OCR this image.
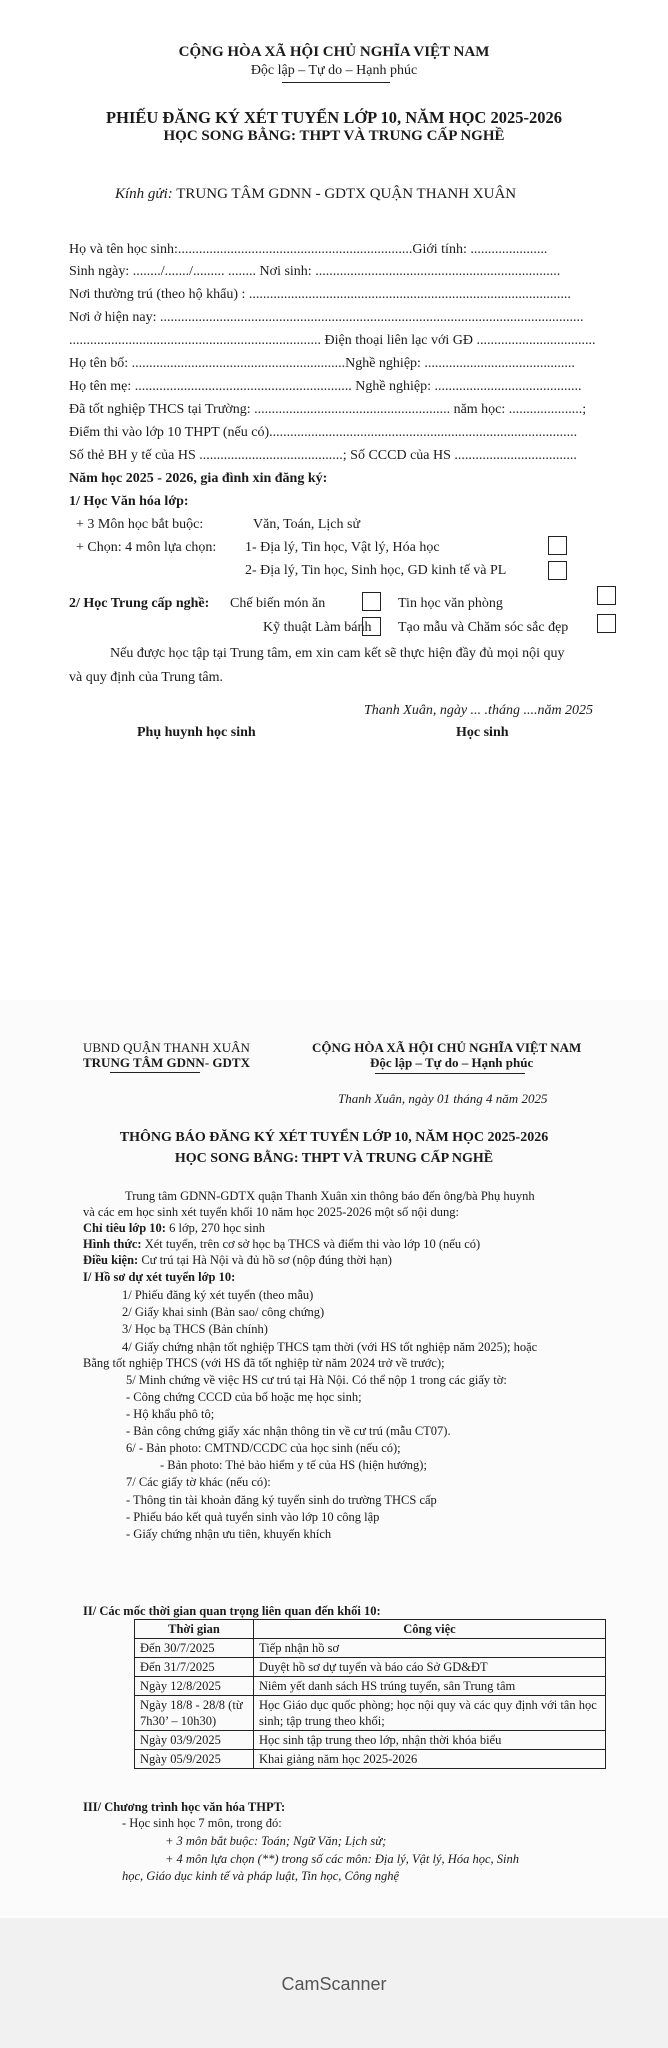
CỘNG HÒA XÃ HỘI CHỦ NGHĨA VIỆT NAM
Độc lập – Tự do – Hạnh phúc
PHIẾU ĐĂNG KÝ XÉT TUYỂN LỚP 10, NĂM HỌC 2025-2026
HỌC SONG BẰNG: THPT VÀ TRUNG CẤP NGHỀ
Kính gửi: TRUNG TÂM GDNN - GDTX QUẬN THANH XUÂN
Họ và tên học sinh:...................................................................Giới tính: ......................
Sinh ngày: ......../......./......... ........ Nơi sinh: ......................................................................
Nơi thường trú (theo hộ khẩu) : ............................................................................................
Nơi ở hiện nay: .........................................................................................................................
........................................................................ Điện thoại liên lạc với GĐ ..................................
Họ tên bố: .............................................................Nghề nghiệp: ...........................................
Họ tên mẹ: .............................................................. Nghề nghiệp: ..........................................
Đã tốt nghiệp THCS tại Trường: ........................................................ năm học: .....................;
Điểm thi vào lớp 10 THPT (nếu có)........................................................................................
Số thẻ BH y tế của HS .........................................; Số CCCD của HS ...................................
Năm học 2025 - 2026, gia đình xin đăng ký:
1/ Học Văn hóa lớp:
+ 3 Môn học bắt buộc:	Văn, Toán, Lịch sử
+ Chọn: 4 môn lựa chọn: 1- Địa lý, Tin học, Vật lý, Hóa học
2- Địa lý, Tin học, Sinh học, GD kinh tế và PL
2/ Học Trung cấp nghề: Chế biến món ăn	Tin học văn phòng
Kỹ thuật Làm bánh Tạo mẫu và Chăm sóc sắc đẹp
Nếu được học tập tại Trung tâm, em xin cam kết sẽ thực hiện đầy đủ mọi nội quy
và quy định của Trung tâm.
Thanh Xuân, ngày ... .tháng ....năm 2025
Phụ huynh học sinh	Học sinh
UBND QUẬN THANH XUÂN
TRUNG TÂM GDNN- GDTX
CỘNG HÒA XÃ HỘI CHỦ NGHĨA VIỆT NAM
Độc lập – Tự do – Hạnh phúc
Thanh Xuân, ngày 01 tháng 4 năm 2025
THÔNG BÁO ĐĂNG KÝ XÉT TUYỂN LỚP 10, NĂM HỌC 2025-2026
HỌC SONG BẰNG: THPT VÀ TRUNG CẤP NGHỀ
Trung tâm GDNN-GDTX quận Thanh Xuân xin thông báo đến ông/bà Phụ huynh
và các em học sinh xét tuyển khối 10 năm học 2025-2026 một số nội dung:
Chỉ tiêu lớp 10: 6 lớp, 270 học sinh
Hình thức: Xét tuyển, trên cơ sở học bạ THCS và điểm thi vào lớp 10 (nếu có)
Điều kiện: Cư trú tại Hà Nội và đủ hồ sơ (nộp đúng thời hạn)
I/ Hồ sơ dự xét tuyển lớp 10:
1/ Phiếu đăng ký xét tuyển (theo mẫu)
2/ Giấy khai sinh (Bản sao/ công chứng)
3/ Học bạ THCS (Bản chính)
4/ Giấy chứng nhận tốt nghiệp THCS tạm thời (với HS tốt nghiệp năm 2025); hoặc
Bằng tốt nghiệp THCS (với HS đã tốt nghiệp từ năm 2024 trở về trước);
5/ Minh chứng về việc HS cư trú tại Hà Nội. Có thể nộp 1 trong các giấy tờ:
- Công chứng CCCD của bố hoặc mẹ học sinh;
- Hộ khẩu phô tô;
- Bản công chứng giấy xác nhận thông tin về cư trú (mẫu CT07).
6/ - Bản photo: CMTND/CCDC của học sinh (nếu có);
- Bản photo: Thẻ bảo hiểm y tế của HS (hiện hướng);
7/ Các giấy tờ khác (nếu có):
- Thông tin tài khoản đăng ký tuyển sinh do trường THCS cấp
- Phiếu báo kết quả tuyển sinh vào lớp 10 công lập
- Giấy chứng nhận ưu tiên, khuyến khích
II/ Các mốc thời gian quan trọng liên quan đến khối 10:
Thời gian	Công việc
Đến 30/7/2025	Tiếp nhận hồ sơ
Đến 31/7/2025	Duyệt hồ sơ dự tuyển và báo cáo Sở GD&ĐT
Ngày 12/8/2025	Niêm yết danh sách HS trúng tuyển, sân Trung tâm
Ngày 18/8 - 28/8 (từ 7h30’ – 10h30)	Học Giáo dục quốc phòng; học nội quy và các quy định với tân học sinh; tập trung theo khối;
Ngày 03/9/2025	Học sinh tập trung theo lớp, nhận thời khóa biểu
Ngày 05/9/2025	Khai giảng năm học 2025-2026
III/ Chương trình học văn hóa THPT:
- Học sinh học 7 môn, trong đó:
+ 3 môn bắt buộc: Toán; Ngữ Văn; Lịch sử;
+ 4 môn lựa chọn (**) trong số các môn: Địa lý, Vật lý, Hóa học, Sinh
học, Giáo dục kinh tế và pháp luật, Tin học, Công nghệ
CamScanner
